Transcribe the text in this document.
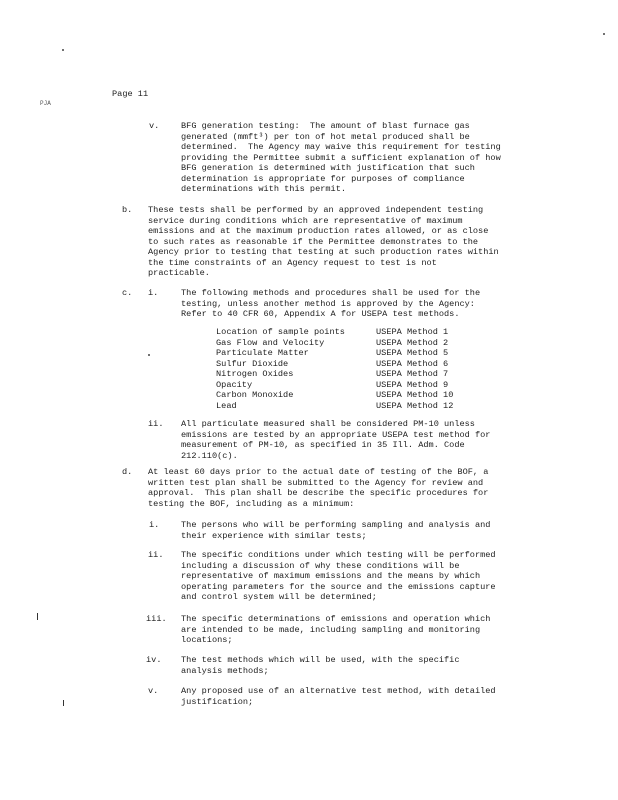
Page 11
PJA
v.	BFG generation testing:  The amount of blast furnace gas
generated (mmft³) per ton of hot metal produced shall be
determined.  The Agency may waive this requirement for testing
providing the Permittee submit a sufficient explanation of how
BFG generation is determined with justification that such
determination is appropriate for purposes of compliance
determinations with this permit.
b. These tests shall be performed by an approved independent testing
service during conditions which are representative of maximum
emissions and at the maximum production rates allowed, or as close
to such rates as reasonable if the Permittee demonstrates to the
Agency prior to testing that testing at such production rates within
the time constraints of an Agency request to test is not
practicable.
c. i.	The following methods and procedures shall be used for the
testing, unless another method is approved by the Agency:
Refer to 40 CFR 60, Appendix A for USEPA test methods.
Location of sample points	USEPA Method 1
Gas Flow and Velocity	USEPA Method 2
Particulate Matter	USEPA Method 5
Sulfur Dioxide	USEPA Method 6
Nitrogen Oxides	USEPA Method 7
Opacity	USEPA Method 9
Carbon Monoxide	USEPA Method 10
Lead	USEPA Method 12
ii. All particulate measured shall be considered PM-10 unless
emissions are tested by an appropriate USEPA test method for
measurement of PM-10, as specified in 35 Ill. Adm. Code
212.110(c).
d. At least 60 days prior to the actual date of testing of the BOF, a
written test plan shall be submitted to the Agency for review and
approval.  This plan shall be describe the specific procedures for
testing the BOF, including as a minimum:
i.	The persons who will be performing sampling and analysis and
their experience with similar tests;
ii. The specific conditions under which testing will be performed
including a discussion of why these conditions will be
representative of maximum emissions and the means by which
operating parameters for the source and the emissions capture
and control system will be determined;
iii. The specific determinations of emissions and operation which
are intended to be made, including sampling and monitoring
locations;
iv. The test methods which will be used, with the specific
analysis methods;
v.	Any proposed use of an alternative test method, with detailed
justification;
